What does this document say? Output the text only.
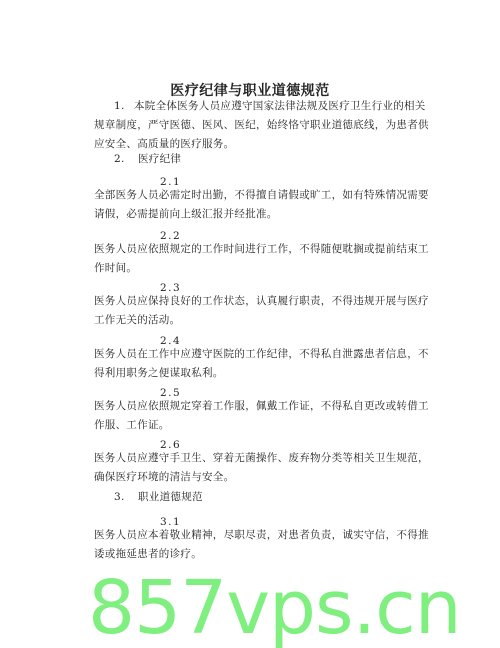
医疗纪律与职业道德规范
1. 本院全体医务人员应遵守国家法律法规及医疗卫生行业的相关规章制度，严守医德、医风、医纪，始终恪守职业道德底线，为患者供应安全、高质量的医疗服务。
2. 医疗纪律
2.1
全部医务人员必需定时出勤，不得擅自请假或旷工，如有特殊情况需要请假，必需提前向上级汇报并经批准。
2.2
医务人员应依照规定的工作时间进行工作，不得随便耽搁或提前结束工作时间。
2.3
医务人员应保持良好的工作状态，认真履行职责，不得违规开展与医疗工作无关的活动。
2.4
医务人员在工作中应遵守医院的工作纪律，不得私自泄露患者信息，不得利用职务之便谋取私利。
2.5
医务人员应依照规定穿着工作服，佩戴工作证，不得私自更改或转借工作服、工作证。
2.6
医务人员应遵守手卫生、穿着无菌操作、废弃物分类等相关卫生规范，确保医疗环境的清洁与安全。
3. 职业道德规范
3.1
医务人员应本着敬业精神，尽职尽责，对患者负责，诚实守信，不得推诿或拖延患者的诊疗。
857vps.cn
